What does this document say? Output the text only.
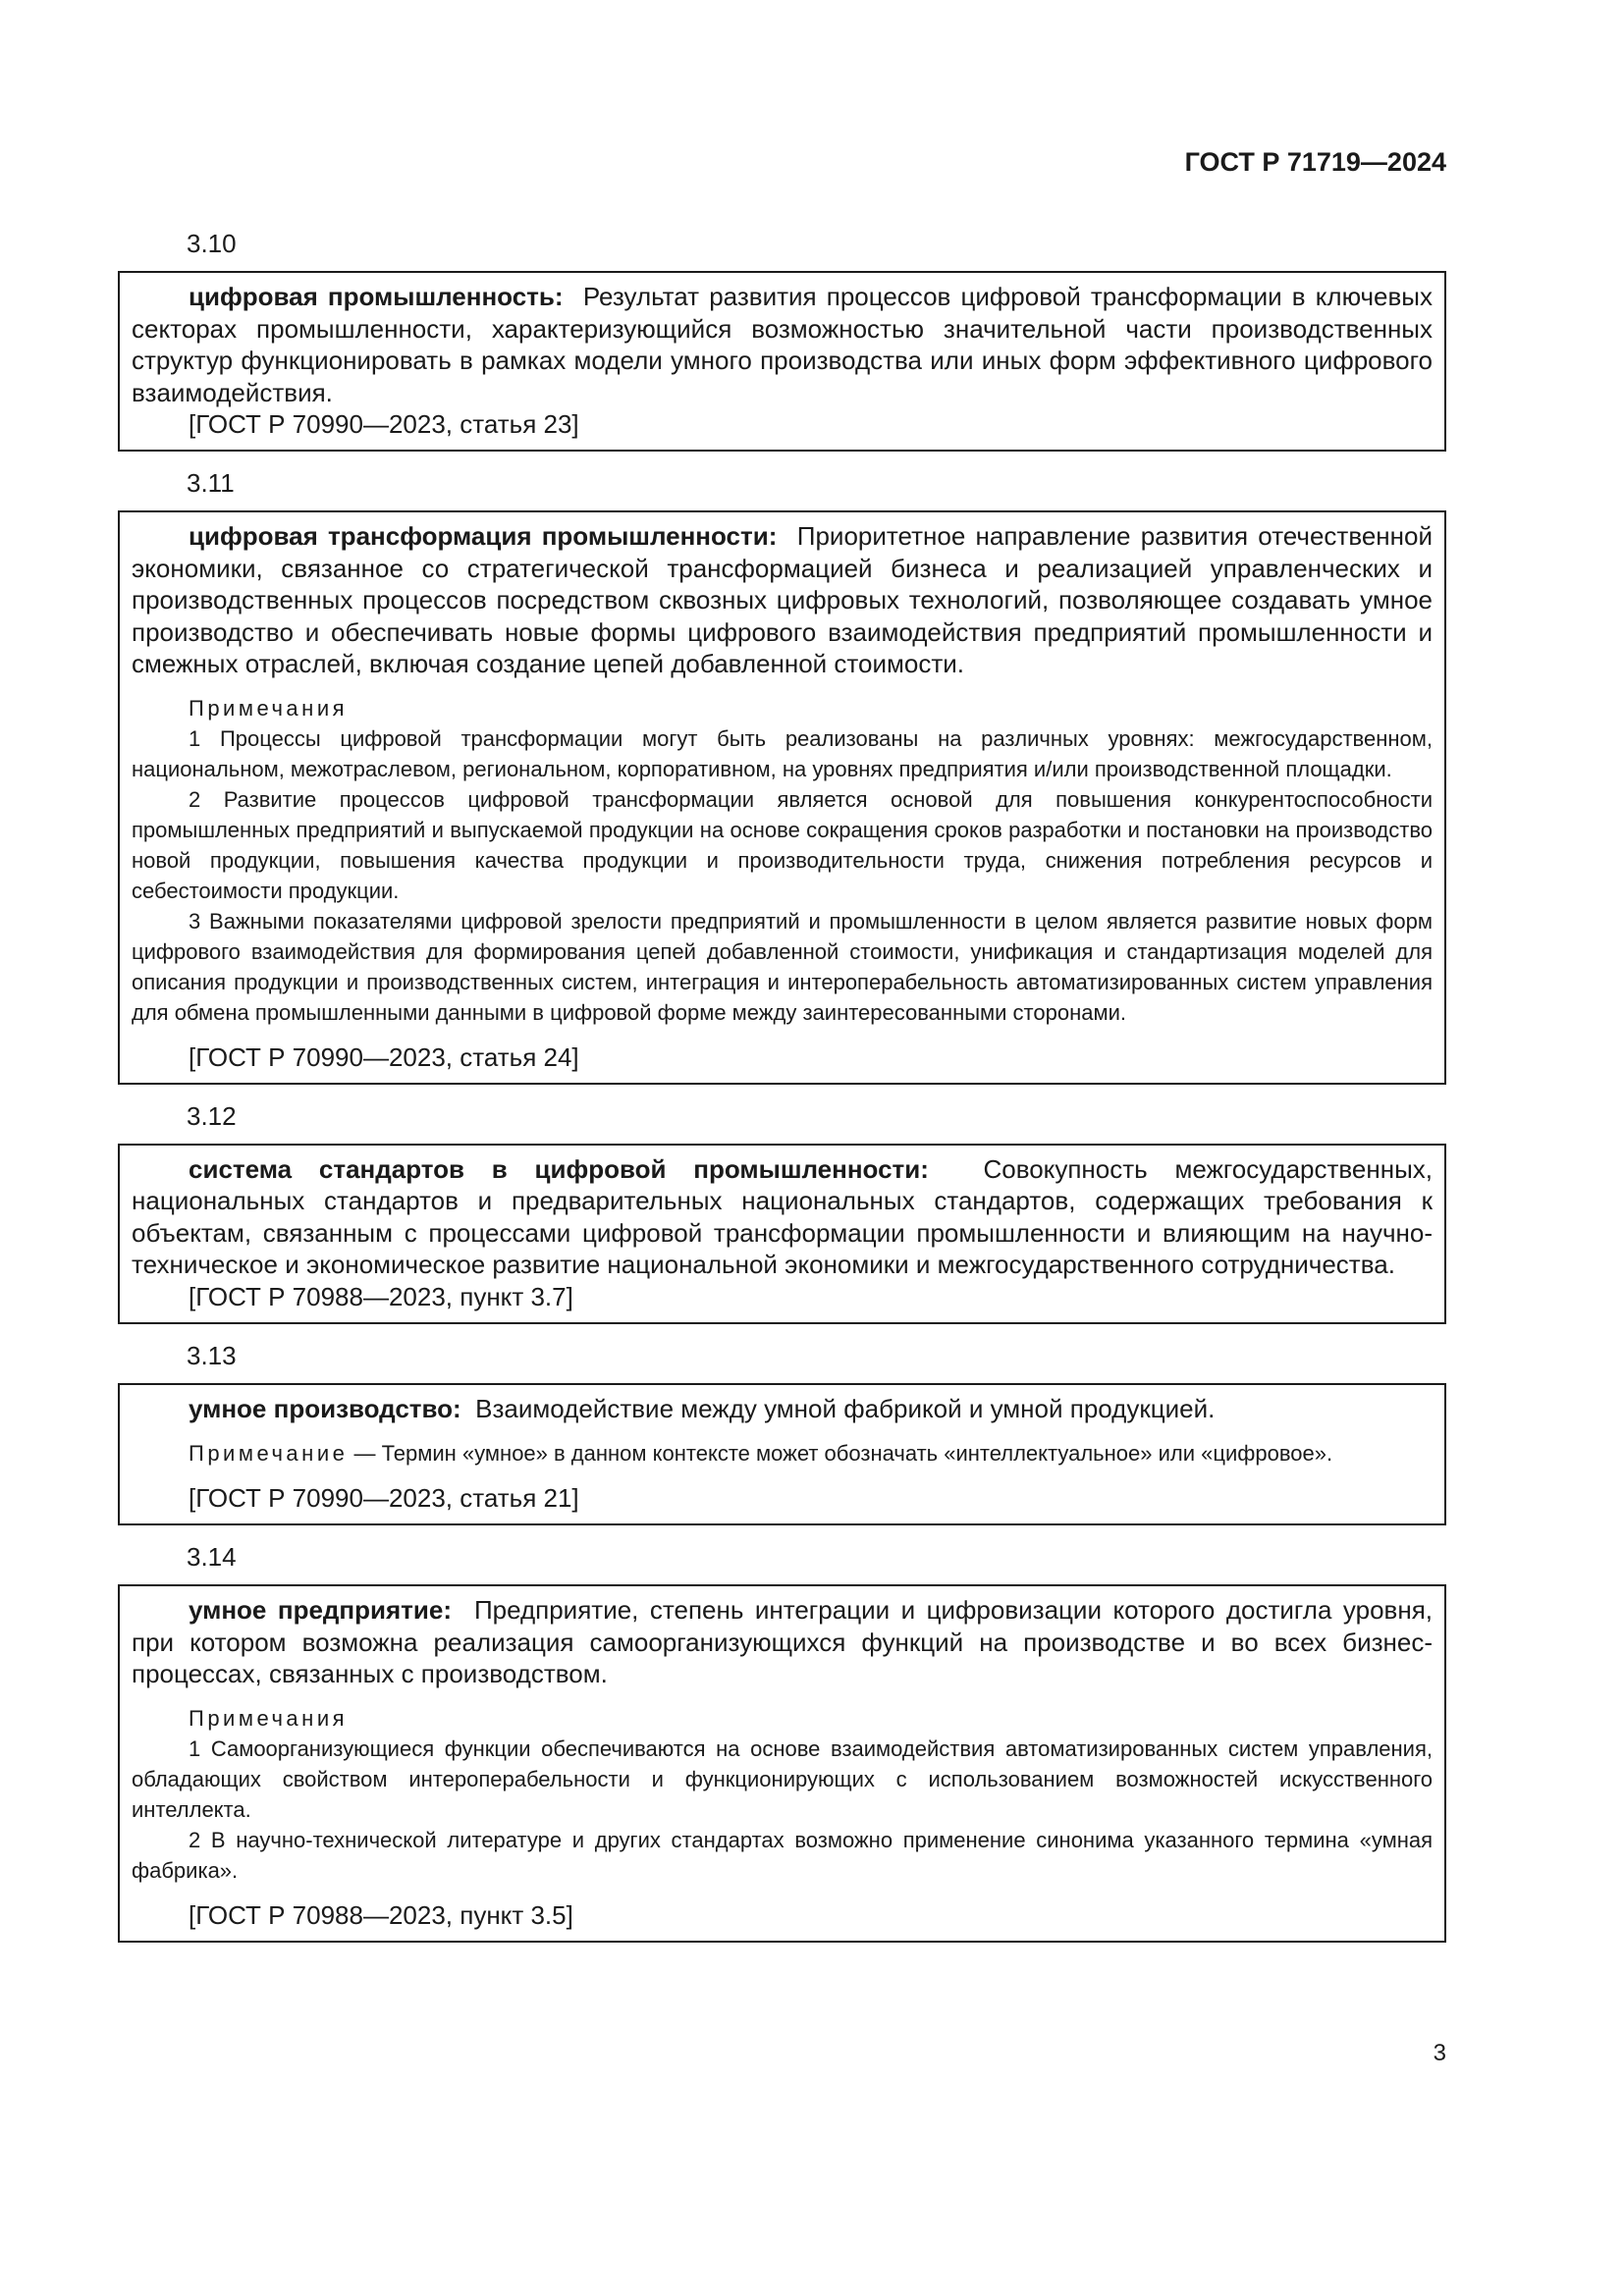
ГОСТ Р 71719—2024
3.10

цифровая промышленность: Результат развития процессов цифровой трансформации в ключевых секторах промышленности, характеризующийся возможностью значительной части производственных структур функционировать в рамках модели умного производства или иных форм эффективного цифрового взаимодействия.

[ГОСТ Р 70990—2023, статья 23]

3.11

цифровая трансформация промышленности: Приоритетное направление развития отечественной экономики, связанное со стратегической трансформацией бизнеса и реализацией управленческих и производственных процессов посредством сквозных цифровых технологий, позволяющее создавать умное производство и обеспечивать новые формы цифрового взаимодействия предприятий промышленности и смежных отраслей, включая создание цепей добавленной стоимости.

Примечания

1 Процессы цифровой трансформации могут быть реализованы на различных уровнях: межгосударственном, национальном, межотраслевом, региональном, корпоративном, на уровнях предприятия и/или производственной площадки.

2 Развитие процессов цифровой трансформации является основой для повышения конкурентоспособности промышленных предприятий и выпускаемой продукции на основе сокращения сроков разработки и постановки на производство новой продукции, повышения качества продукции и производительности труда, снижения потребления ресурсов и себестоимости продукции.

3 Важными показателями цифровой зрелости предприятий и промышленности в целом является развитие новых форм цифрового взаимодействия для формирования цепей добавленной стоимости, унификация и стандартизация моделей для описания продукции и производственных систем, интеграция и интероперабельность автоматизированных систем управления для обмена промышленными данными в цифровой форме между заинтересованными сторонами.

[ГОСТ Р 70990—2023, статья 24]

3.12

система стандартов в цифровой промышленности: Совокупность межгосударственных, национальных стандартов и предварительных национальных стандартов, содержащих требования к объектам, связанным с процессами цифровой трансформации промышленности и влияющим на научно-техническое и экономическое развитие национальной экономики и межгосударственного сотрудничества.

[ГОСТ Р 70988—2023, пункт 3.7]

3.13

умное производство: Взаимодействие между умной фабрикой и умной продукцией.

Примечание — Термин «умное» в данном контексте может обозначать «интеллектуальное» или «цифровое».

[ГОСТ Р 70990—2023, статья 21]

3.14

умное предприятие: Предприятие, степень интеграции и цифровизации которого достигла уровня, при котором возможна реализация самоорганизующихся функций на производстве и во всех бизнес-процессах, связанных с производством.

Примечания

1 Самоорганизующиеся функции обеспечиваются на основе взаимодействия автоматизированных систем управления, обладающих свойством интероперабельности и функционирующих с использованием возможностей искусственного интеллекта.

2 В научно-технической литературе и других стандартах возможно применение синонима указанного термина «умная фабрика».

[ГОСТ Р 70988—2023, пункт 3.5]

3
